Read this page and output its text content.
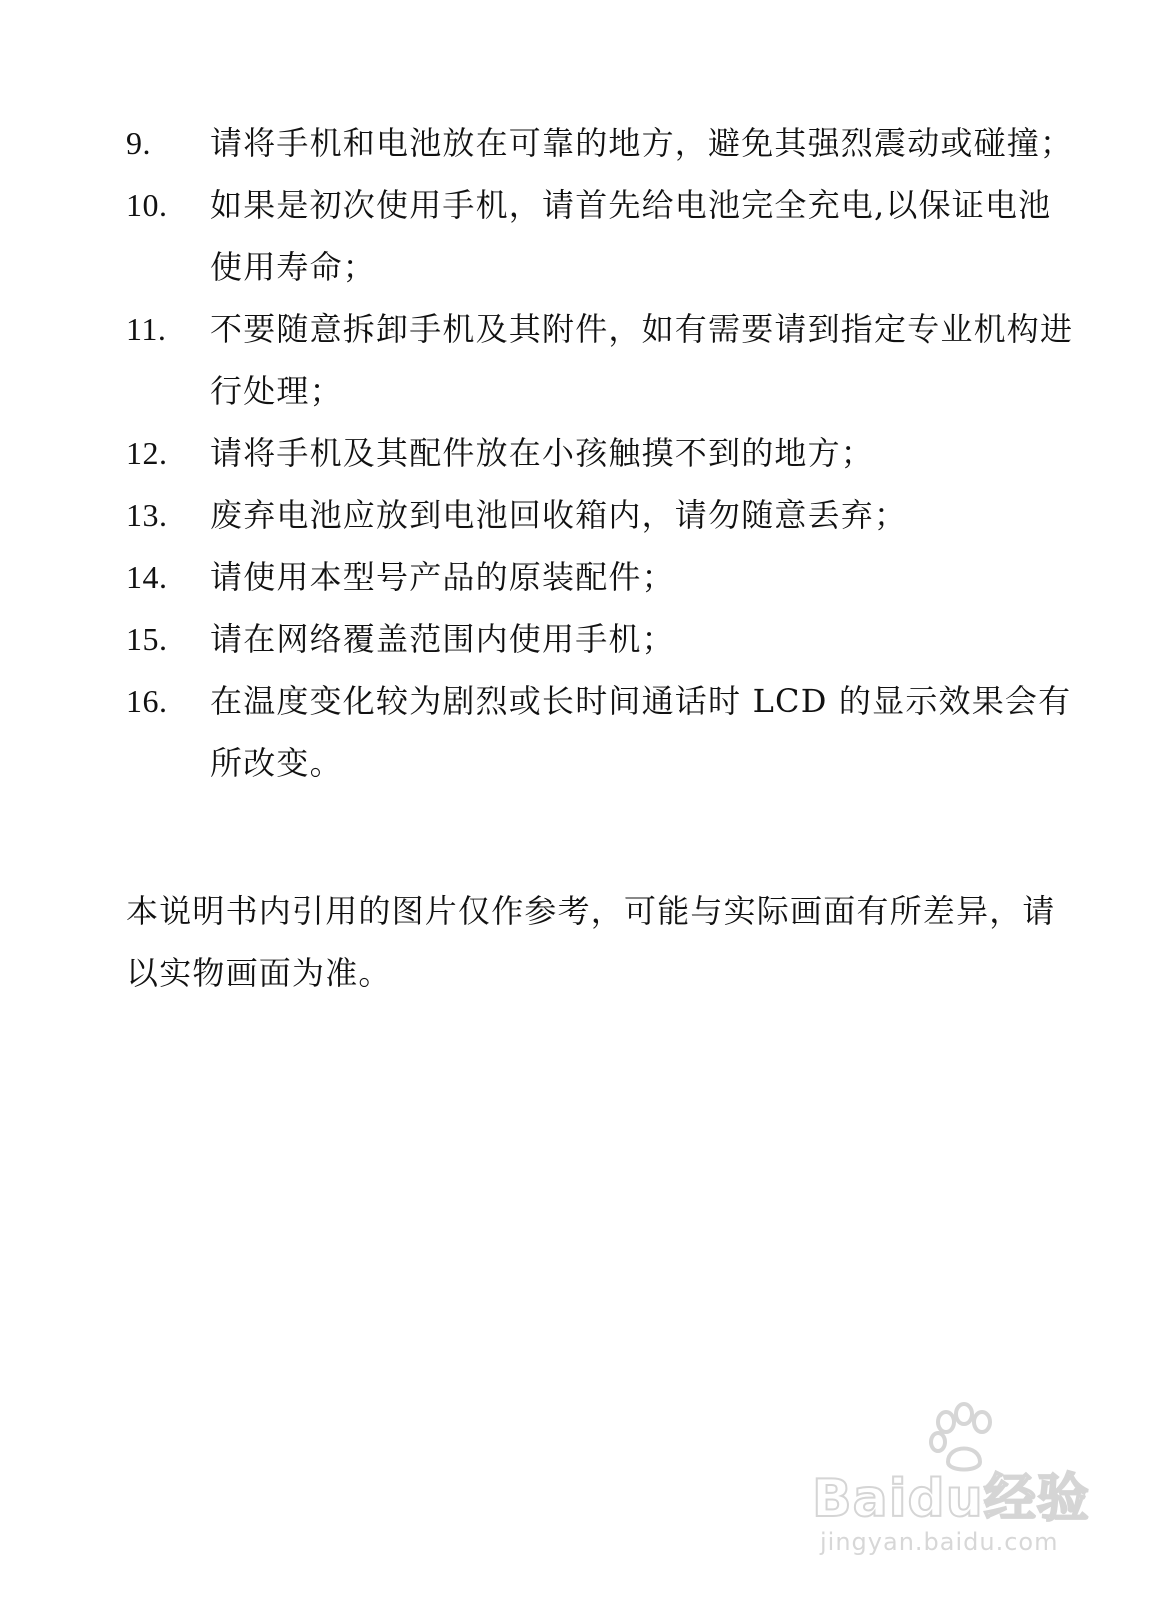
9.	请将手机和电池放在可靠的地方，避免其强烈震动或碰撞；
10.	如果是初次使用手机，请首先给电池完全充电,以保证电池使用寿命；
11.	不要随意拆卸手机及其附件，如有需要请到指定专业机构进行处理；
12.	请将手机及其配件放在小孩触摸不到的地方；
13.	废弃电池应放到电池回收箱内，请勿随意丢弃；
14.	请使用本型号产品的原装配件；
15.	请在网络覆盖范围内使用手机；
16.	在温度变化较为剧烈或长时间通话时 LCD 的显示效果会有所改变。

本说明书内引用的图片仅作参考，可能与实际画面有所差异，请以实物画面为准。

Baidu经验
jingyan.baidu.com
